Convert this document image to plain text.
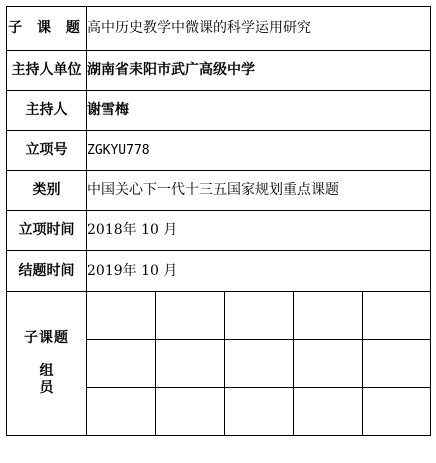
子 课 题	高中历史教学中微课的科学运用研究				
主持人单位	湖南省耒阳市武广高级中学				
主持人	谢雪梅				
立项号	ZGKYU778				
类别	中国关心下一代十三五国家规划重点课题				
立项时间	2018年 10 月				
结题时间	2019年 10 月				

子课题
组 员					
